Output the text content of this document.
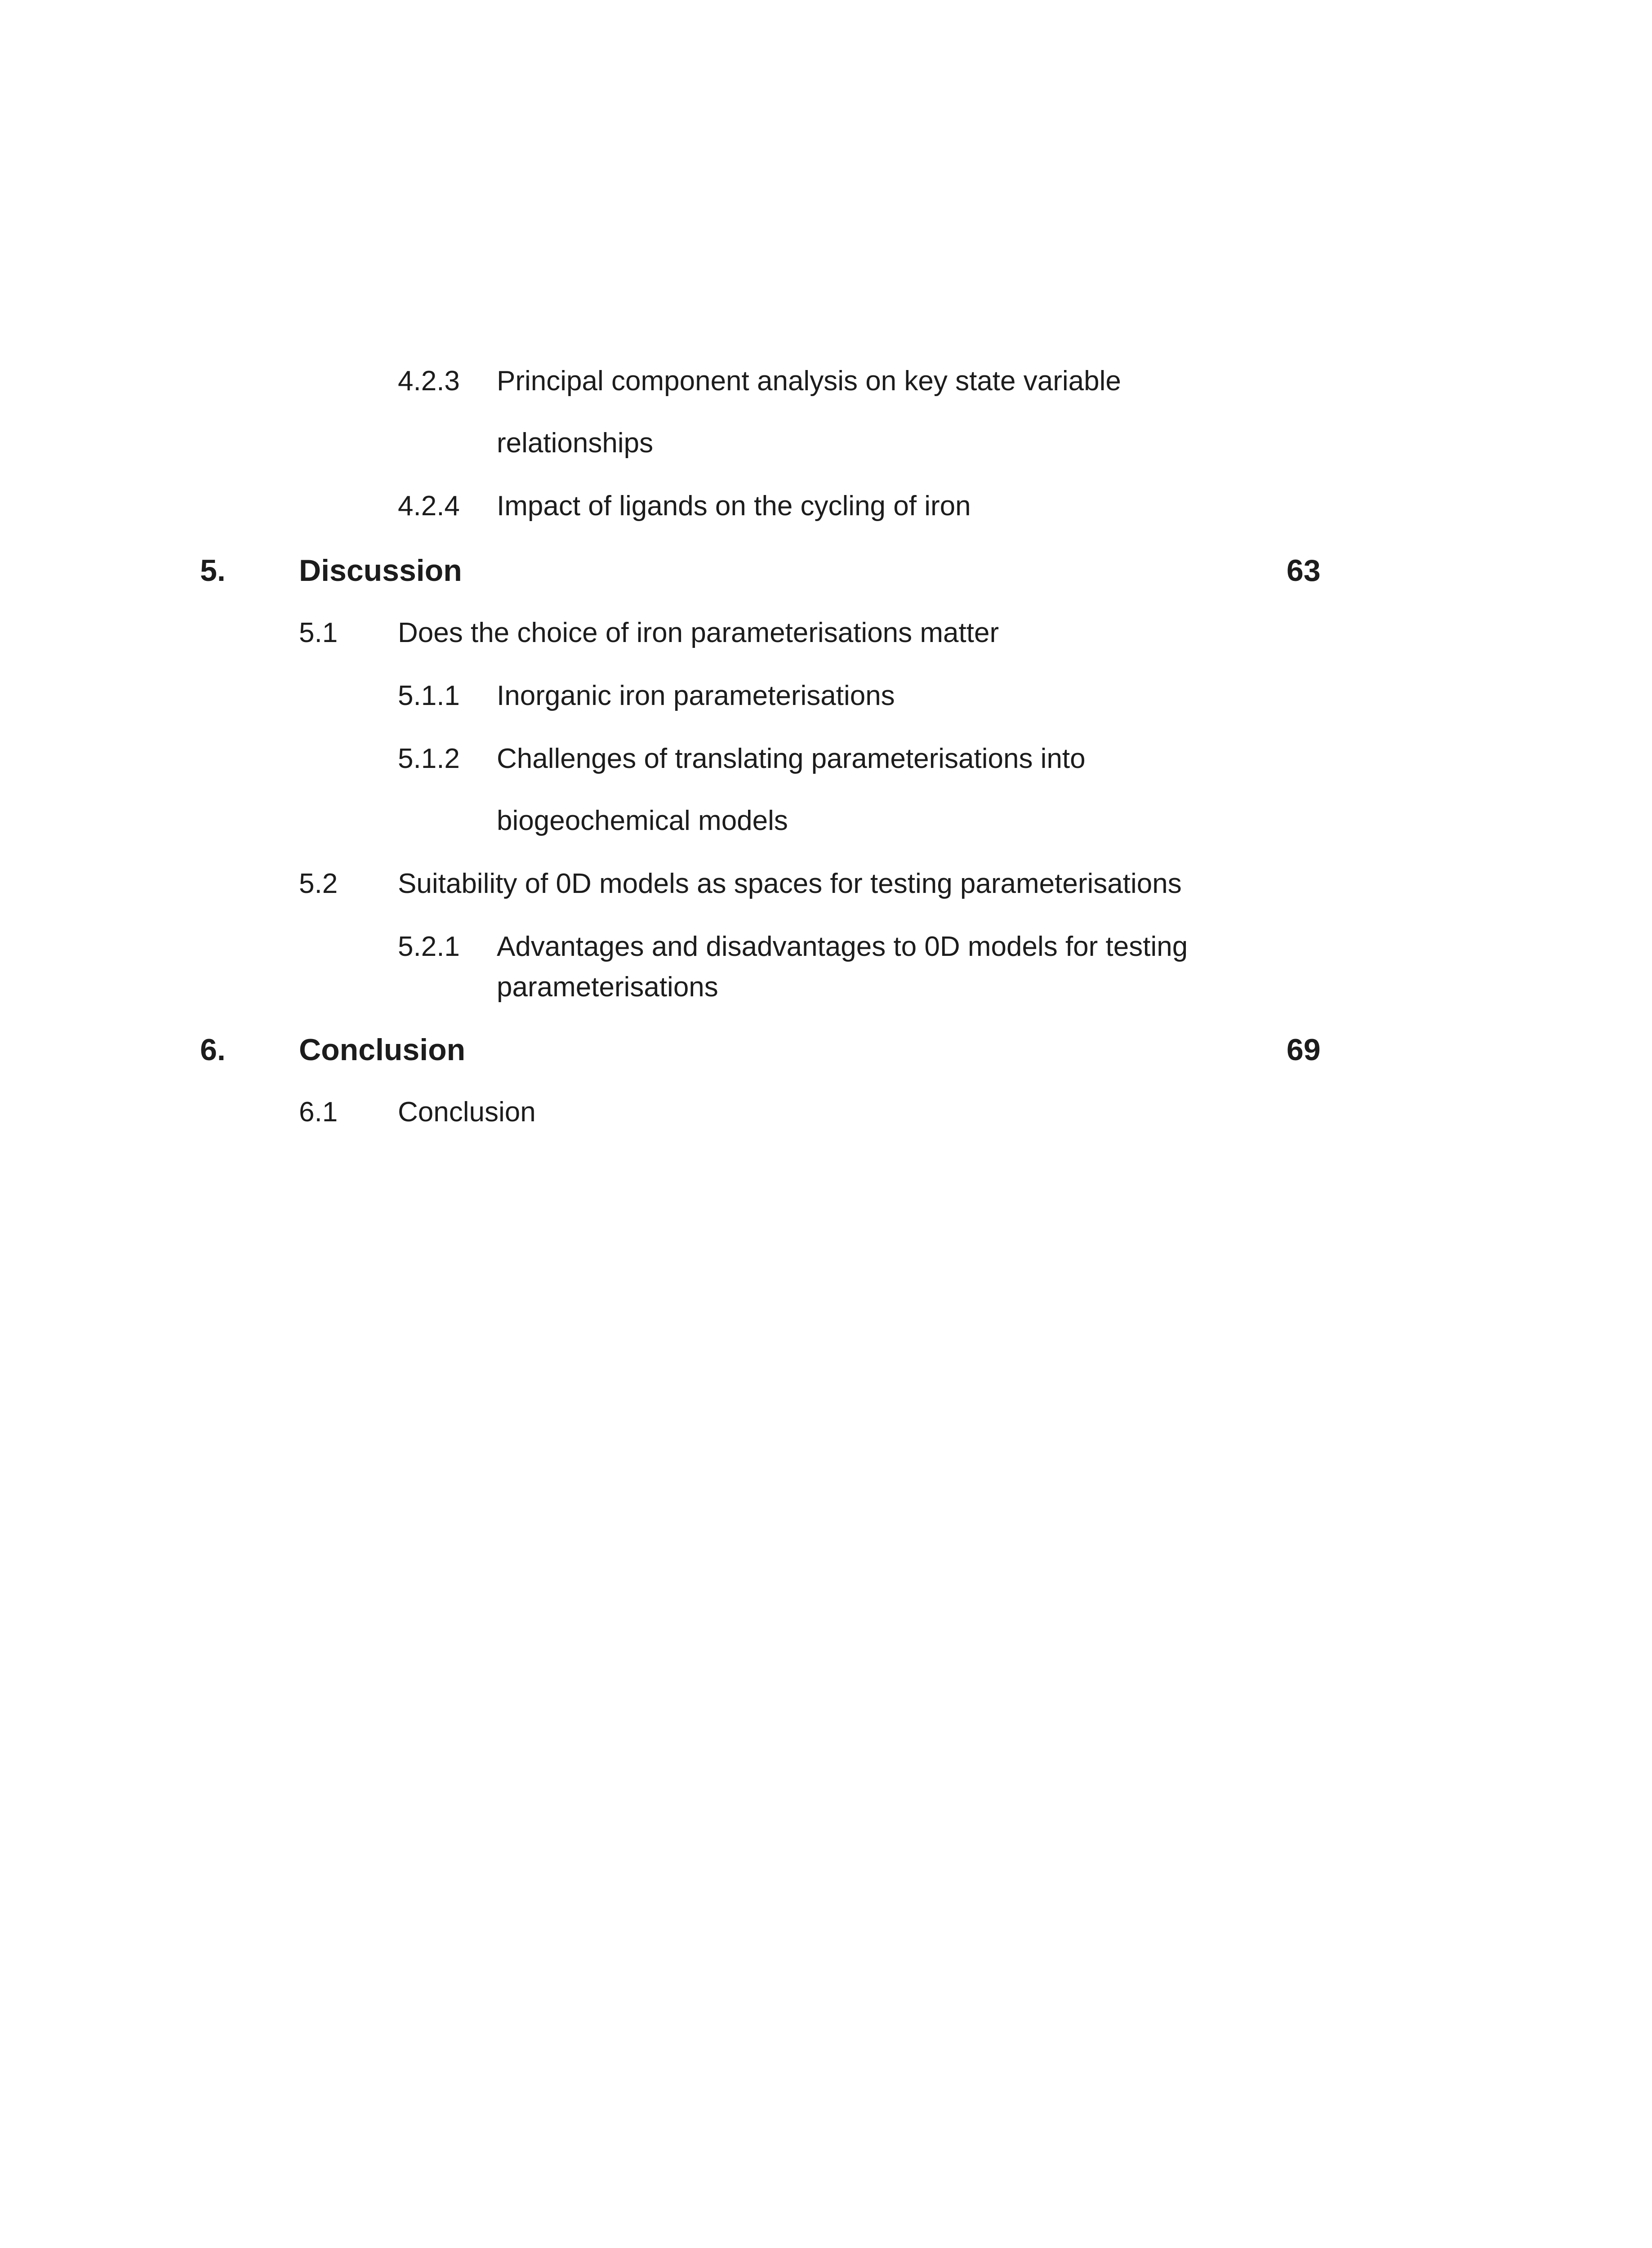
4.2.3 Principal component analysis on key state variable
relationships
4.2.4 Impact of ligands on the cycling of iron
5. Discussion	63
5.1 Does the choice of iron parameterisations matter
5.1.1 Inorganic iron parameterisations
5.1.2 Challenges of translating parameterisations into
biogeochemical models
5.2 Suitability of 0D models as spaces for testing parameterisations
5.2.1 Advantages and disadvantages to 0D models for testing
parameterisations
6. Conclusion	69
6.1 Conclusion
